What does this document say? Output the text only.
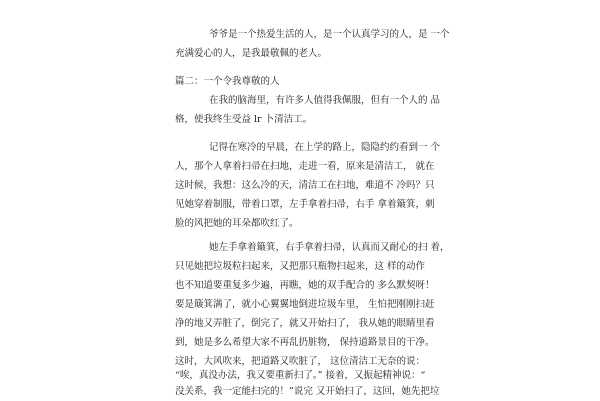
爷爷是一个热爱生活的人，是一个认真学习的人，是 一个

充满爱心的人，是我最敬佩的老人。

篇二：一个令我尊敬的人

在我的脑海里，有许多人值得我佩服，但有一个人的 品

格，使我终生受益 lr 卜清洁工。

记得在寒冷的早晨，在上学的路上，隐隐约约看到一 个

人，那个人拿着扫帚在扫地，走进一看，原来是清洁工， 就在

这时候，我想：这么冷的天，清洁工在扫地，难道不 冷吗？只

见她穿着制服，带着口罩，左手拿着扫帚，右手 拿着簸箕，刺

脸的风把她的耳朵都吹红了。

她左手拿着簸箕，右手拿着扫帚，认真而又耐心的扫 着，

只见她把垃圾粒扫起来，又把那只瓶物扫起来，这 样的动作

也不知道要重复多少遍，再瞧，她的双手配合的 多么默契呀！

要是簸箕满了，就小心翼翼地倒进垃圾车里， 生怕把刚刚扫赶

净的地又弄脏了，倒完了，就又开始扫了， 我从她的眼睛里看

到，她是多么希望大家不再乱扔脏物， 保持道路景目的干净。

这时，大风吹来，把道路又吹脏了， 这位清洁工无奈的说：

“唉，真没办法，我又要重新扫了。” 接着，又振起精神说：“

没关系，我一定能扫完的！”说完 又开始扫了，这回，她先把垃
